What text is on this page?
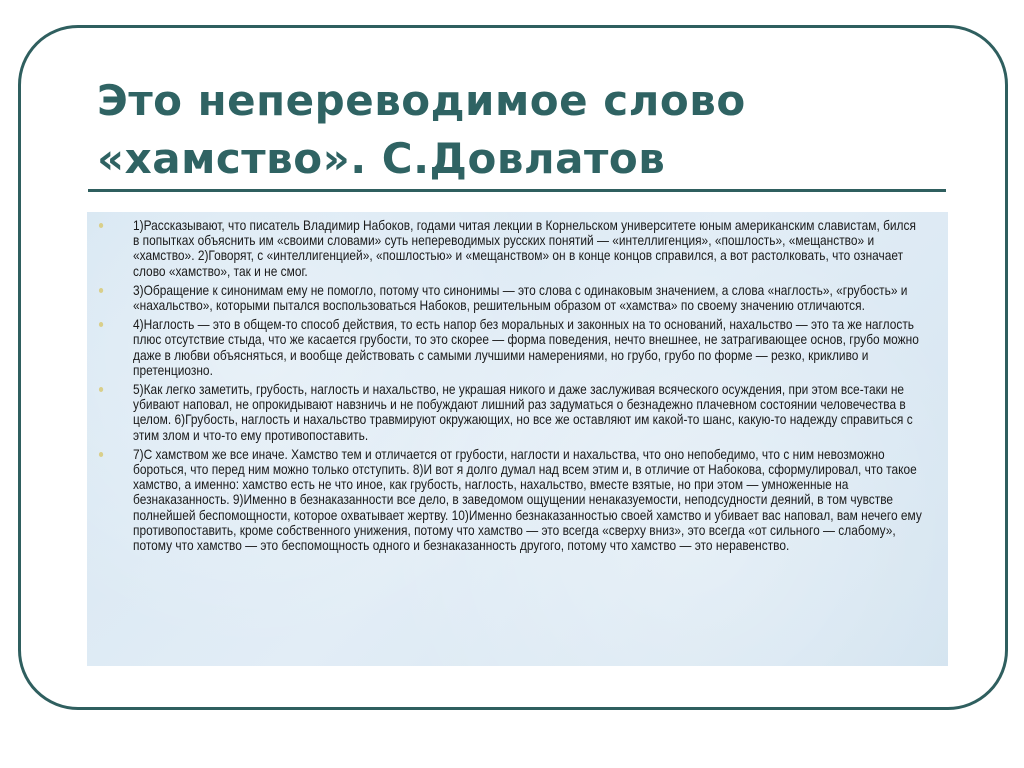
Это непереводимое слово
«хамство». С.Довлатов
1)Рассказывают, что писатель Владимир Набоков, годами читая лекции в Корнельском университете юным американским славистам, бился в попытках объяснить им «своими словами» суть непереводимых русских понятий — «интеллигенция», «пошлость», «мещанство» и «хамство». 2)Говорят, с «интеллигенцией», «пошлостью» и «мещанством» он в конце концов справился, а вот растолковать, что означает слово «хамство», так и не смог.
3)Обращение к синонимам ему не помогло, потому что синонимы — это слова с одинаковым значением, а слова «наглость», «грубость» и «нахальство», которыми пытался воспользоваться Набоков, решительным образом от «хамства» по своему значению отличаются.
4)Наглость — это в общем-то способ действия, то есть напор без моральных и законных на то оснований, нахальство — это та же наглость плюс отсутствие стыда, что же касается грубости, то это скорее — форма поведения, нечто внешнее, не затрагивающее основ, грубо можно даже в любви объясняться, и вообще действовать с самыми лучшими намерениями, но грубо, грубо по форме — резко, крикливо и претенциозно.
5)Как легко заметить, грубость, наглость и нахальство, не украшая никого и даже заслуживая всяческого осуждения, при этом все-таки не убивают наповал, не опрокидывают навзничь и не побуждают лишний раз задуматься о безнадежно плачевном состоянии человечества в целом. 6)Грубость, наглость и нахальство травмируют окружающих, но все же оставляют им какой-то шанс, какую-то надежду справиться с этим злом и что-то ему противопоставить.
7)С хамством же все иначе. Хамство тем и отличается от грубости, наглости и нахальства, что оно непобедимо, что с ним невозможно бороться, что перед ним можно только отступить. 8)И вот я долго думал над всем этим и, в отличие от Набокова, сформулировал, что такое хамство, а именно: хамство есть не что иное, как грубость, наглость, нахальство, вместе взятые, но при этом — умноженные на безнаказанность. 9)Именно в безнаказанности все дело, в заведомом ощущении ненаказуемости, неподсудности деяний, в том чувстве полнейшей беспомощности, которое охватывает жертву. 10)Именно безнаказанностью своей хамство и убивает вас наповал, вам нечего ему противопоставить, кроме собственного унижения, потому что хамство — это всегда «сверху вниз», это всегда «от сильного — слабому», потому что хамство — это беспомощность одного и безнаказанность другого, потому что хамство — это неравенство.
